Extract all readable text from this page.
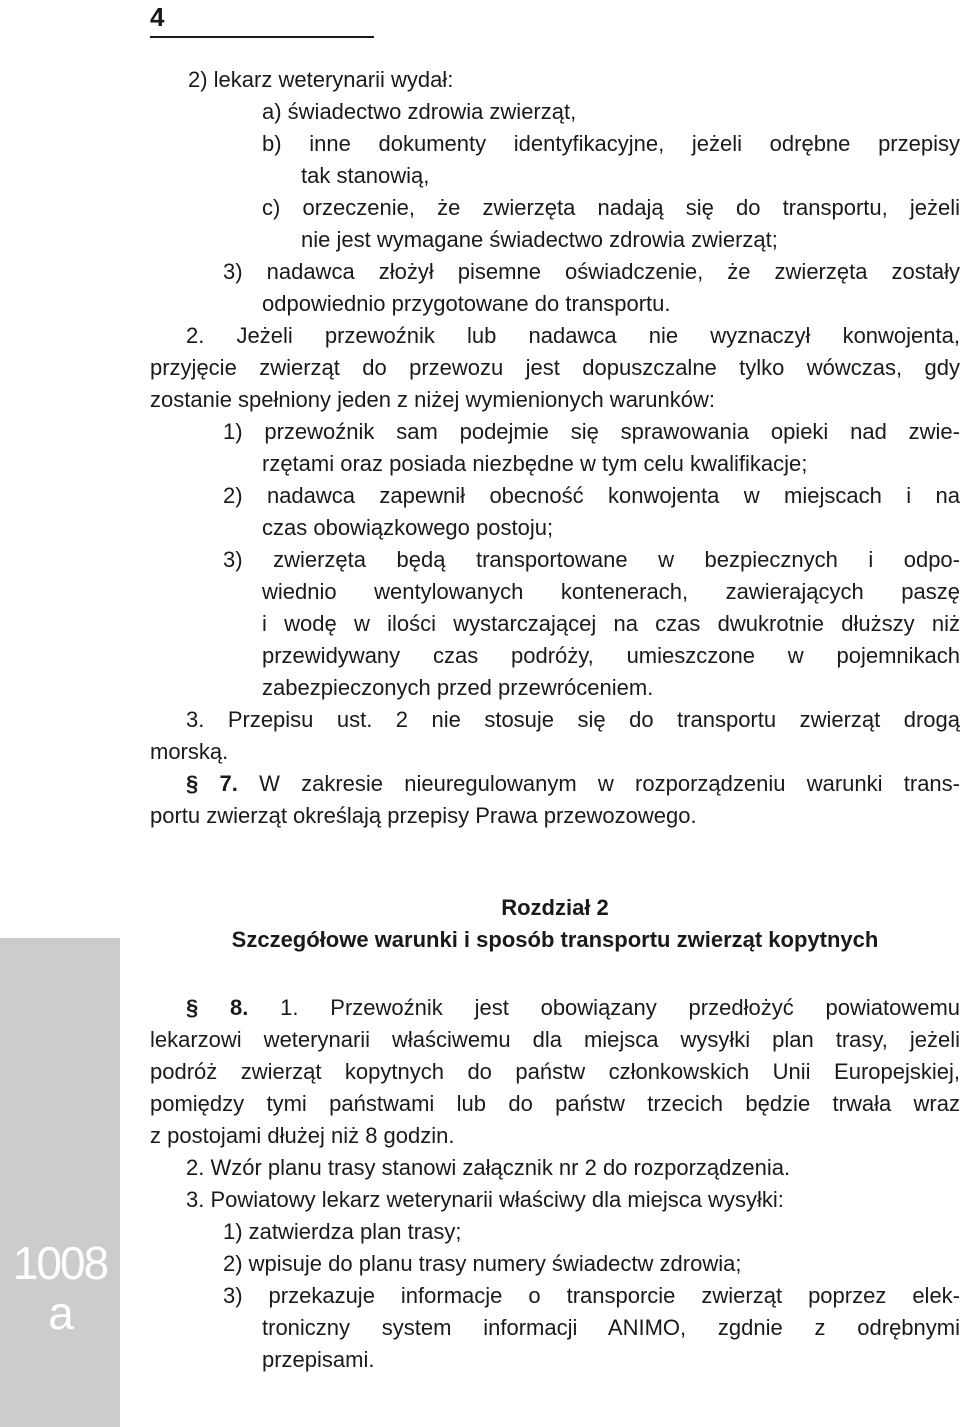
4
2) lekarz weterynarii wydał:
a) świadectwo zdrowia zwierząt,
b) inne dokumenty identyfikacyjne, jeżeli odrębne przepisy
tak stanowią,
c) orzeczenie, że zwierzęta nadają się do transportu, jeżeli
nie jest wymagane świadectwo zdrowia zwierząt;
3) nadawca złożył pisemne oświadczenie, że zwierzęta zostały
odpowiednio przygotowane do transportu.
2. Jeżeli przewoźnik lub nadawca nie wyznaczył konwojenta,
przyjęcie zwierząt do przewozu jest dopuszczalne tylko wówczas, gdy
zostanie spełniony jeden z niżej wymienionych warunków:
1) przewoźnik sam podejmie się sprawowania opieki nad zwie-
rzętami oraz posiada niezbędne w tym celu kwalifikacje;
2) nadawca zapewnił obecność konwojenta w miejscach i na
czas obowiązkowego postoju;
3) zwierzęta będą transportowane w bezpiecznych i odpo-
wiednio wentylowanych kontenerach, zawierających paszę
i wodę w ilości wystarczającej na czas dwukrotnie dłuższy niż
przewidywany czas podróży, umieszczone w pojemnikach
zabezpieczonych przed przewróceniem.
3. Przepisu ust. 2 nie stosuje się do transportu zwierząt drogą
morską.
§ 7. W zakresie nieuregulowanym w rozporządzeniu warunki trans-
portu zwierząt określają przepisy Prawa przewozowego.
Rozdział 2
Szczegółowe warunki i sposób transportu zwierząt kopytnych
§ 8. 1. Przewoźnik jest obowiązany przedłożyć powiatowemu
lekarzowi weterynarii właściwemu dla miejsca wysyłki plan trasy, jeżeli
podróż zwierząt kopytnych do państw członkowskich Unii Europejskiej,
pomiędzy tymi państwami lub do państw trzecich będzie trwała wraz
z postojami dłużej niż 8 godzin.
2. Wzór planu trasy stanowi załącznik nr 2 do rozporządzenia.
3. Powiatowy lekarz weterynarii właściwy dla miejsca wysyłki:
1) zatwierdza plan trasy;
2) wpisuje do planu trasy numery świadectw zdrowia;
3) przekazuje informacje o transporcie zwierząt poprzez elek-
troniczny system informacji ANIMO, zgdnie z odrębnymi
przepisami.
1008 a
